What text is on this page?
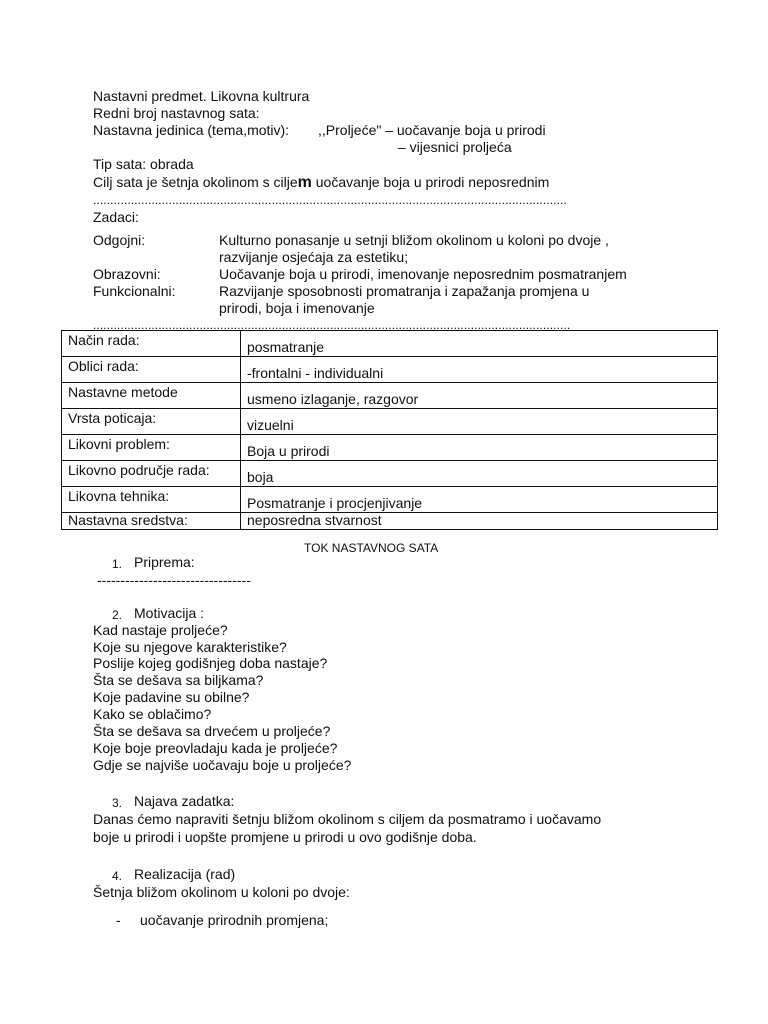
Nastavni predmet. Likovna kultrura
Redni broj nastavnog sata:
Nastavna jedinica (tema,motiv): ,,Proljeće" – uočavanje boja u prirodi
– vijesnici proljeća
Tip sata: obrada
Cilj sata je šetnja okolinom s ciljem uočavanje boja u prirodi neposrednim
..........................................................................................................................................
Zadaci:
Odgojni:	Kulturno ponasanje u setnji bližom okolinom u koloni po dvoje ,
razvijanje osjećaja za estetiku;
Obrazovni:	Uočavanje boja u prirodi, imenovanje neposrednim posmatranjem
Funkcionalni:	Razvijanje sposobnosti promatranja i zapažanja promjena u
prirodi, boja i imenovanje
...........................................................................................................................................
Način rada:	posmatranje
Oblici rada:	-frontalni - individualni
Nastavne metode	usmeno izlaganje, razgovor
Vrsta poticaja:	vizuelni
Likovni problem:	Boja u prirodi
Likovno područje rada:	boja
Likovna tehnika:	Posmatranje i procjenjivanje
Nastavna sredstva:	neposredna stvarnost
TOK NASTAVNOG SATA
1. Priprema:
---------------------------------
2. Motivacija :
Kad nastaje proljeće?
Koje su njegove karakteristike?
Poslije kojeg godišnjeg doba nastaje?
Šta se dešava sa biljkama?
Koje padavine su obilne?
Kako se oblačimo?
Šta se dešava sa drvećem u proljeće?
Koje boje preovladaju kada je proljeće?
Gdje se najviše uočavaju boje u proljeće?
3. Najava zadatka:
Danas ćemo napraviti šetnju bližom okolinom s ciljem da posmatramo i uočavamo
boje u prirodi i uopšte promjene u prirodi u ovo godišnje doba.
4. Realizacija (rad)
Šetnja bližom okolinom u koloni po dvoje:
- uočavanje prirodnih promjena;
